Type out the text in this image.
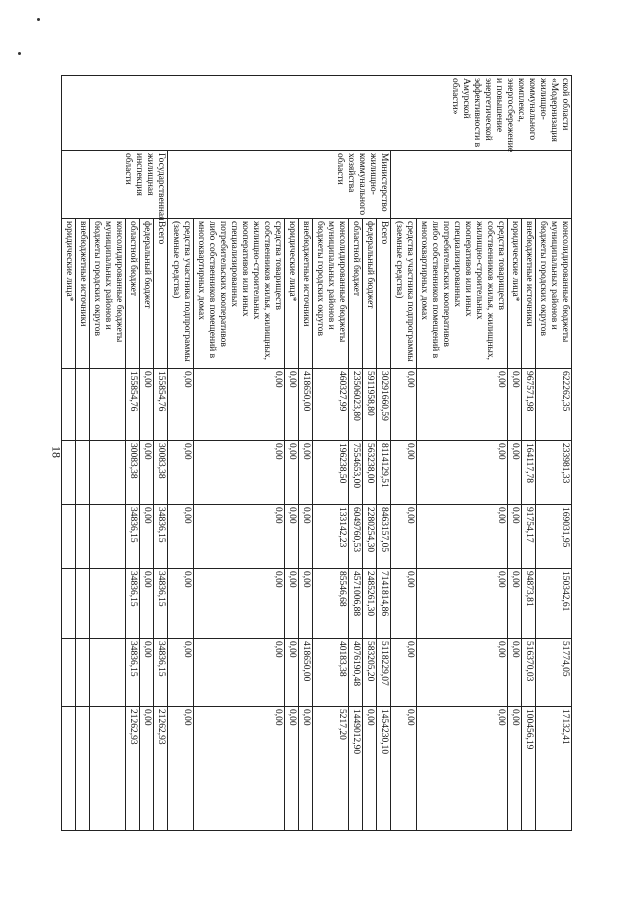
18
ской области «Модернизация жилищно-коммунального комплекса, энергосбережение и повышение энергетической эффективности в Амурской области»		консолидированные бюджеты муниципальных районов и бюджеты городских округов	622262,35	233981,33	169031,95	150342,61	51774,05	17132,41
		внебюджетные источники	967571,98	164117,78	91754,17	94873,81	516370,03	100456,19
		юридические лица*	0,00	0,00	0,00	0,00	0,00	0,00
		средства товариществ собственников жилья, жилищных, жилищно-строительных кооперативов или иных специализированных потребительских кооперативов либо собственников помещений в многоквартирных домах	0,00	0,00	0,00	0,00	0,00	0,00
		средства участника подпрограммы (заемные средства)	0,00	0,00	0,00	0,00	0,00	0,00
	Министерство жилищно-коммунального хозяйства области	Всего	30291660,59	8114129,51	8463157,05	7141814,86	5118229,07	1454230,10
		федеральный бюджет	5911958,80	563238,00	2280254,30	2485261,30	583205,20	0,00
		областной бюджет	23506023,80	7554653,00	6049760,53	4571006,88	4076190,48	1449012,90
		консолидированные бюджеты муниципальных районов и бюджеты городских округов	460327,99	196238,50	133142,23	85546,68	40183,38	5217,20
		внебюджетные источники	418650,00	0,00	0,00	0,00	418650,00	0,00
		юридические лица*	0,00	0,00	0,00	0,00	0,00	0,00
		средства товариществ собственников жилья, жилищных, жилищно-строительных кооперативов или иных специализированных потребительских кооперативов либо собственников помещений в многоквартирных домах	0,00	0,00	0,00	0,00	0,00	0,00
		средства участника подпрограммы (заемные средства)	0,00	0,00	0,00	0,00	0,00	0,00
	Государственная жилищная инспекция области	Всего	155854,76	30083,38	34836,15	34836,15	34836,15	21262,93
		федеральный бюджет	0,00	0,00	0,00	0,00	0,00	0,00
		областной бюджет	155854,76	30083,38	34836,15	34836,15	34836,15	21262,93
		консолидированные бюджеты муниципальных районов и бюджеты городских округов						
		внебюджетные источники						
		юридические лица*						
